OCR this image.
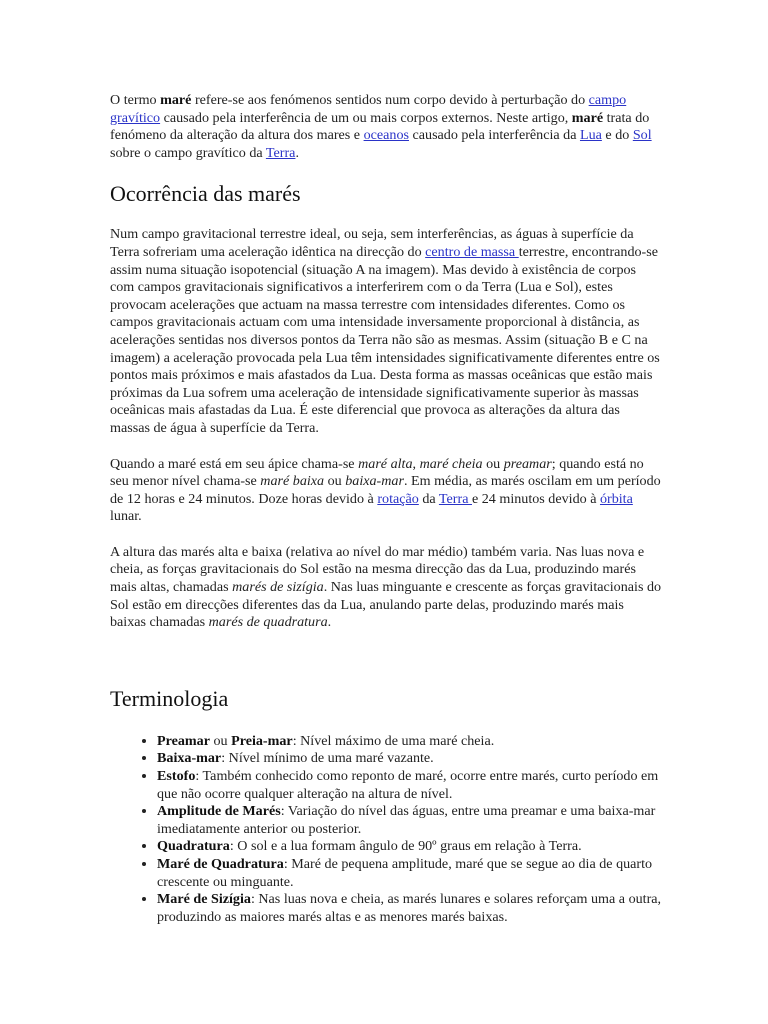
O termo maré refere-se aos fenómenos sentidos num corpo devido à perturbação do campo gravítico causado pela interferência de um ou mais corpos externos. Neste artigo, maré trata do fenómeno da alteração da altura dos mares e oceanos causado pela interferência da Lua e do Sol sobre o campo gravítico da Terra.

Ocorrência das marés

Num campo gravitacional terrestre ideal, ou seja, sem interferências, as águas à superfície da Terra sofreriam uma aceleração idêntica na direcção do centro de massa terrestre, encontrando-se assim numa situação isopotencial (situação A na imagem). Mas devido à existência de corpos com campos gravitacionais significativos a interferirem com o da Terra (Lua e Sol), estes provocam acelerações que actuam na massa terrestre com intensidades diferentes. Como os campos gravitacionais actuam com uma intensidade inversamente proporcional à distância, as acelerações sentidas nos diversos pontos da Terra não são as mesmas. Assim (situação B e C na imagem) a aceleração provocada pela Lua têm intensidades significativamente diferentes entre os pontos mais próximos e mais afastados da Lua. Desta forma as massas oceânicas que estão mais próximas da Lua sofrem uma aceleração de intensidade significativamente superior às massas oceânicas mais afastadas da Lua. É este diferencial que provoca as alterações da altura das massas de água à superfície da Terra.

Quando a maré está em seu ápice chama-se maré alta, maré cheia ou preamar; quando está no seu menor nível chama-se maré baixa ou baixa-mar. Em média, as marés oscilam em um período de 12 horas e 24 minutos. Doze horas devido à rotação da Terra e 24 minutos devido à órbita lunar.

A altura das marés alta e baixa (relativa ao nível do mar médio) também varia. Nas luas nova e cheia, as forças gravitacionais do Sol estão na mesma direcção das da Lua, produzindo marés mais altas, chamadas marés de sizígia. Nas luas minguante e crescente as forças gravitacionais do Sol estão em direcções diferentes das da Lua, anulando parte delas, produzindo marés mais baixas chamadas marés de quadratura.

Terminologia
• Preamar ou Preia-mar: Nível máximo de uma maré cheia.
• Baixa-mar: Nível mínimo de uma maré vazante.
• Estofo: Também conhecido como reponto de maré, ocorre entre marés, curto período em que não ocorre qualquer alteração na altura de nível.
• Amplitude de Marés: Variação do nível das águas, entre uma preamar e uma baixa-mar imediatamente anterior ou posterior.
• Quadratura: O sol e a lua formam ângulo de 90º graus em relação à Terra.
• Maré de Quadratura: Maré de pequena amplitude, maré que se segue ao dia de quarto crescente ou minguante.
• Maré de Sizígia: Nas luas nova e cheia, as marés lunares e solares reforçam uma a outra, produzindo as maiores marés altas e as menores marés baixas.
